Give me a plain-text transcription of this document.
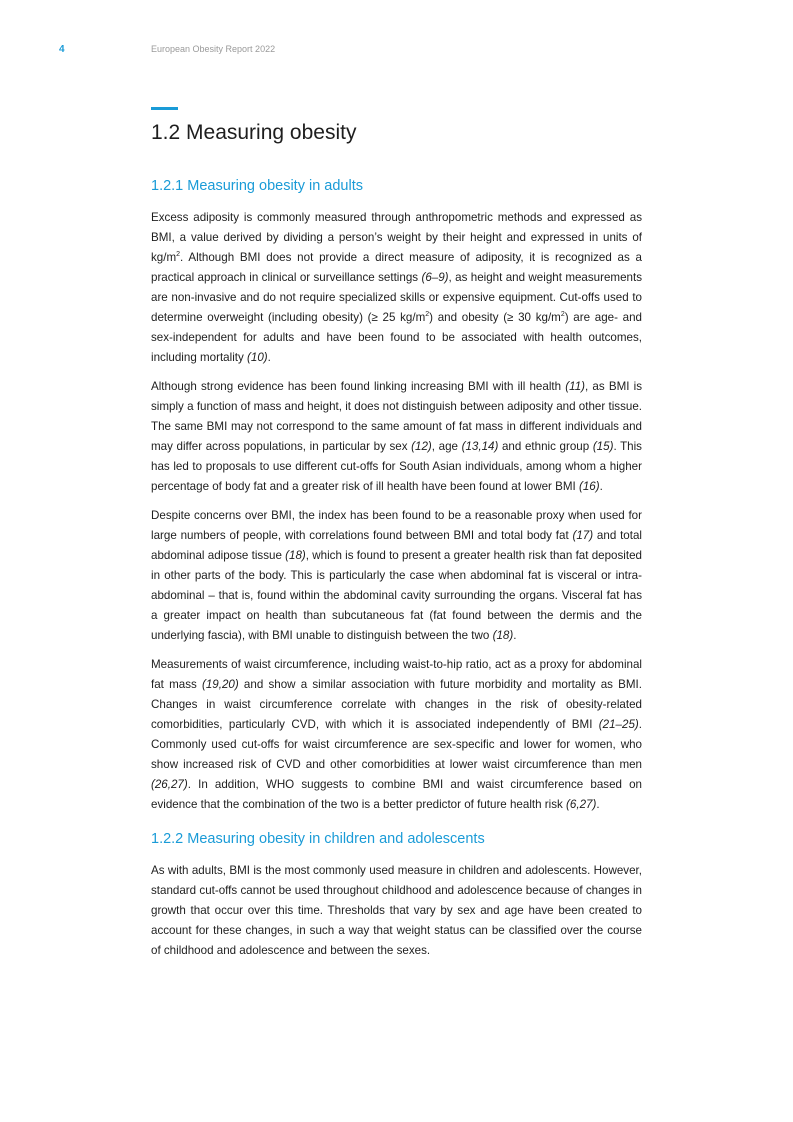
4	European Obesity Report 2022
1.2 Measuring obesity
1.2.1 Measuring obesity in adults

Excess adiposity is commonly measured through anthropometric methods and expressed as BMI, a value derived by dividing a person’s weight by their height and expressed in units of $kg/m^2$. Although BMI does not provide a direct measure of adiposity, it is recognized as a practical approach in clinical or surveillance settings (6–9), as height and weight measurements are non-invasive and do not require specialized skills or expensive equipment. Cut-offs used to determine overweight (including obesity) (≥ 25 $kg/m^2$) and obesity (≥ 30 $kg/m^2$) are age- and sex-independent for adults and have been found to be associated with health outcomes, including mortality (10).

Although strong evidence has been found linking increasing BMI with ill health (11), as BMI is simply a function of mass and height, it does not distinguish between adiposity and other tissue. The same BMI may not correspond to the same amount of fat mass in different individuals and may differ across populations, in particular by sex (12), age (13,14) and ethnic group (15). This has led to proposals to use different cut-offs for South Asian individuals, among whom a higher percentage of body fat and a greater risk of ill health have been found at lower BMI (16).

Despite concerns over BMI, the index has been found to be a reasonable proxy when used for large numbers of people, with correlations found between BMI and total body fat (17) and total abdominal adipose tissue (18), which is found to present a greater health risk than fat deposited in other parts of the body. This is particularly the case when abdominal fat is visceral or intra-abdominal – that is, found within the abdominal cavity surrounding the organs. Visceral fat has a greater impact on health than subcutaneous fat (fat found between the dermis and the underlying fascia), with BMI unable to distinguish between the two (18).

Measurements of waist circumference, including waist-to-hip ratio, act as a proxy for abdominal fat mass (19,20) and show a similar association with future morbidity and mortality as BMI. Changes in waist circumference correlate with changes in the risk of obesity-related comorbidities, particularly CVD, with which it is associated independently of BMI (21–25). Commonly used cut-offs for waist circumference are sex-specific and lower for women, who show increased risk of CVD and other comorbidities at lower waist circumference than men (26,27). In addition, WHO suggests to combine BMI and waist circumference based on evidence that the combination of the two is a better predictor of future health risk (6,27).

1.2.2 Measuring obesity in children and adolescents

As with adults, BMI is the most commonly used measure in children and adolescents. However, standard cut-offs cannot be used throughout childhood and adolescence because of changes in growth that occur over this time. Thresholds that vary by sex and age have been created to account for these changes, in such a way that weight status can be classified over the course of childhood and adolescence and between the sexes.
